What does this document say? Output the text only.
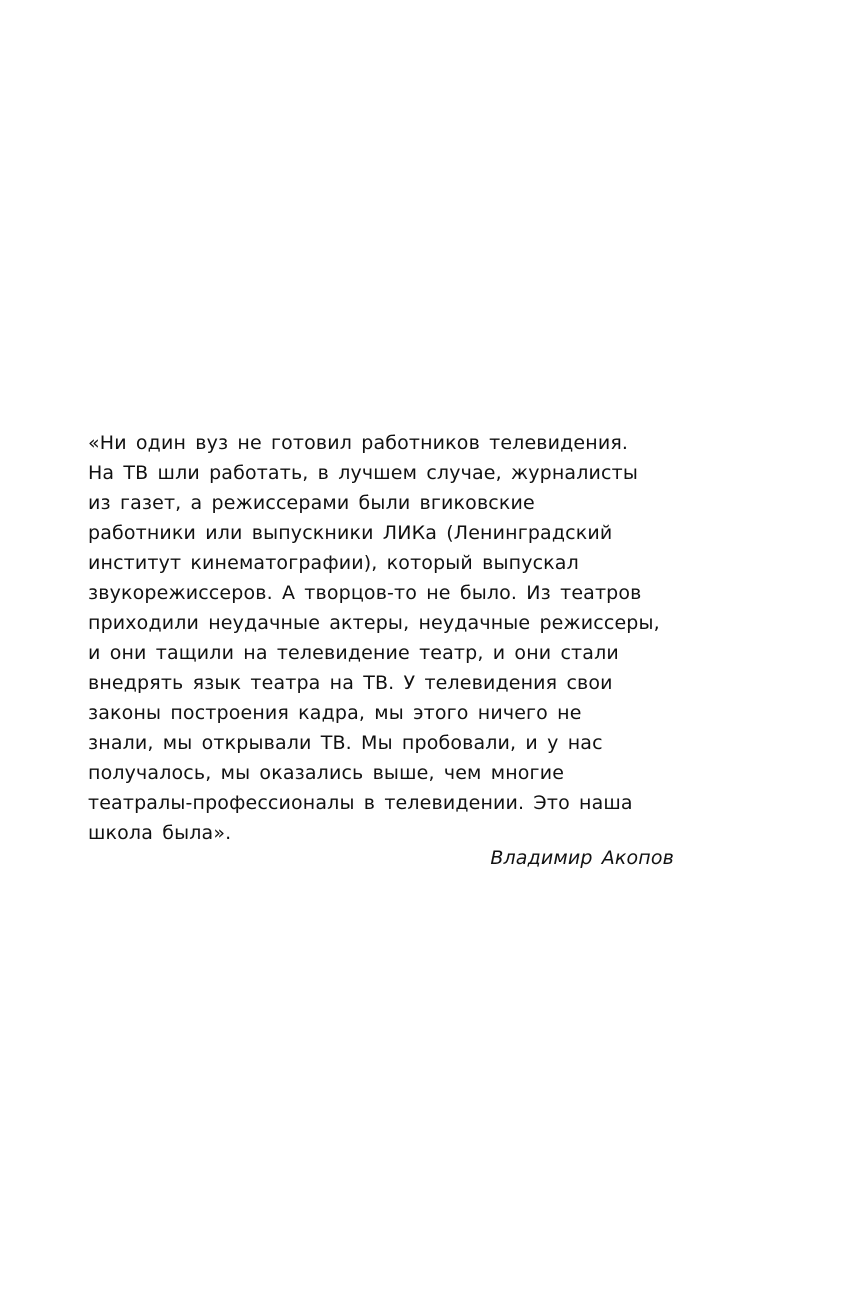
«Ни один вуз не готовил работников телевидения.
На ТВ шли работать, в лучшем случае, журналисты
из газет, а режиссерами были вгиковские
работники или выпускники ЛИКа (Ленинградский
институт кинематографии), который выпускал
звукорежиссеров. А творцов-то не было. Из театров
приходили неудачные актеры, неудачные режиссеры,
и они тащили на телевидение театр, и они стали
внедрять язык театра на ТВ. У телевидения свои
законы построения кадра, мы этого ничего не
знали, мы открывали ТВ. Мы пробовали, и у нас
получалось, мы оказались выше, чем многие
театралы-профессионалы в телевидении. Это наша
школа была».
Владимир Акопов
